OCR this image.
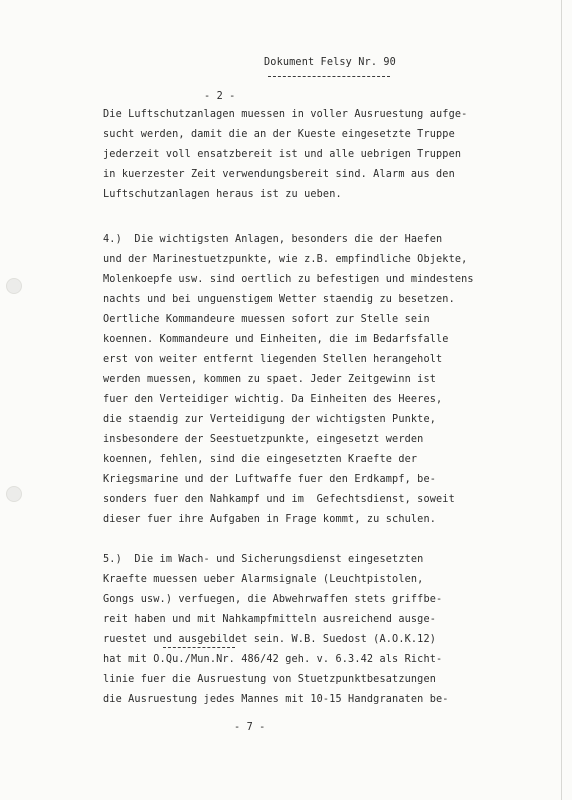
Dokument Felsy Nr. 90
- 2 -
Die Luftschutzanlagen muessen in voller Ausruestung aufge-
sucht werden, damit die an der Kueste eingesetzte Truppe
jederzeit voll ensatzbereit ist und alle uebrigen Truppen
in kuerzester Zeit verwendungsbereit sind. Alarm aus den
Luftschutzanlagen heraus ist zu ueben.
4.)  Die wichtigsten Anlagen, besonders die der Haefen
und der Marinestuetzpunkte, wie z.B. empfindliche Objekte,
Molenkoepfe usw. sind oertlich zu befestigen und mindestens
nachts und bei unguenstigem Wetter staendig zu besetzen.
Oertliche Kommandeure muessen sofort zur Stelle sein
koennen. Kommandeure und Einheiten, die im Bedarfsfalle
erst von weiter entfernt liegenden Stellen herangeholt
werden muessen, kommen zu spaet. Jeder Zeitgewinn ist
fuer den Verteidiger wichtig. Da Einheiten des Heeres,
die staendig zur Verteidigung der wichtigsten Punkte,
insbesondere der Seestuetzpunkte, eingesetzt werden
koennen, fehlen, sind die eingesetzten Kraefte der
Kriegsmarine und der Luftwaffe fuer den Erdkampf, be-
sonders fuer den Nahkampf und im  Gefechtsdienst, soweit
dieser fuer ihre Aufgaben in Frage kommt, zu schulen.
5.)  Die im Wach- und Sicherungsdienst eingesetzten
Kraefte muessen ueber Alarmsignale (Leuchtpistolen,
Gongs usw.) verfuegen, die Abwehrwaffen stets griffbe-
reit haben und mit Nahkampfmitteln ausreichend ausge-
ruestet und ausgebildet sein. W.B. Suedost (A.O.K.12)
hat mit O.Qu./Mun.Nr. 486/42 geh. v. 6.3.42 als Richt-
linie fuer die Ausruestung von Stuetzpunktbesatzungen
die Ausruestung jedes Mannes mit 10-15 Handgranaten be-
- 7 -
